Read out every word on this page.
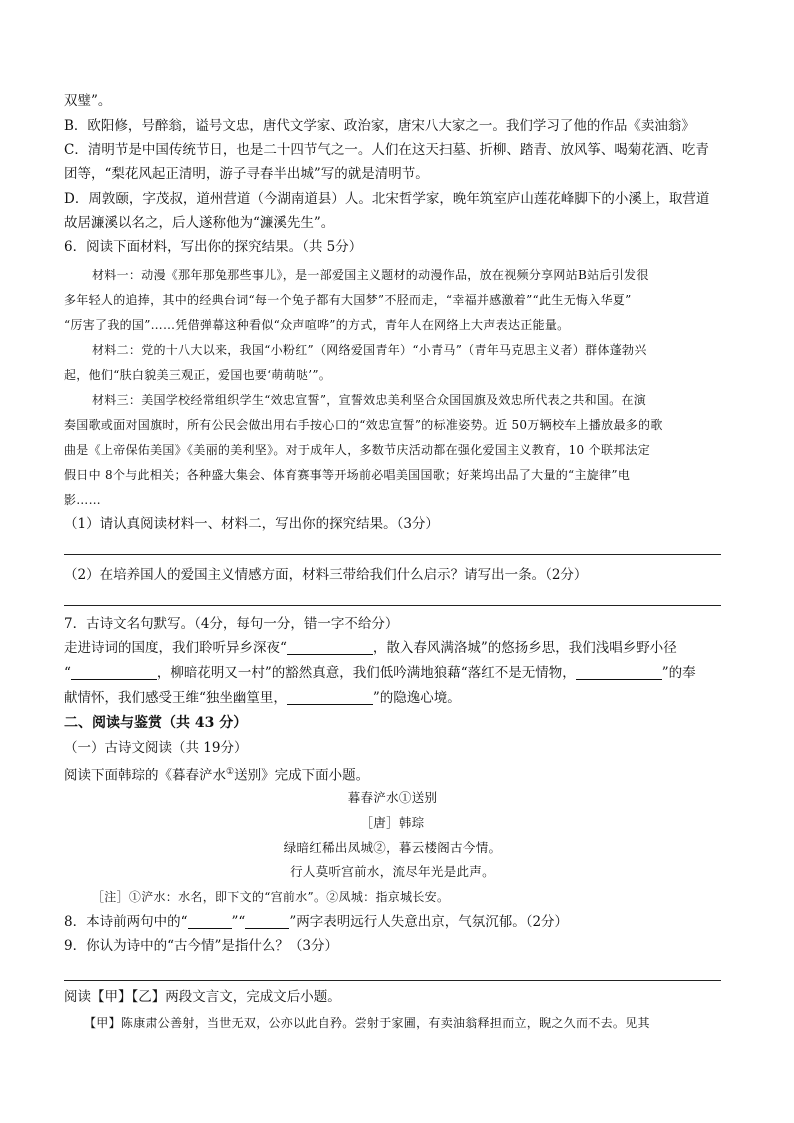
双璧”。
B．欧阳修，号醉翁，谥号文忠，唐代文学家、政治家，唐宋八大家之一。我们学习了他的作品《卖油翁》
C．清明节是中国传统节日，也是二十四节气之一。人们在这天扫墓、折柳、踏青、放风筝、喝菊花酒、吃青
团等，“梨花风起正清明，游子寻春半出城”写的就是清明节。
D．周敦颐，字茂叔，道州营道（今湖南道县）人。北宋哲学家，晚年筑室庐山莲花峰脚下的小溪上，取营道
故居濂溪以名之，后人遂称他为“濂溪先生”。
6．阅读下面材料，写出你的探究结果。（共 5分）
材料一：动漫《那年那兔那些事儿》，是一部爱国主义题材的动漫作品，放在视频分享网站B站后引发很
多年轻人的追捧，其中的经典台词“每一个兔子都有大国梦”不胫而走，“幸福并感激着”“此生无悔入华夏”
“厉害了我的国”……凭借弹幕这种看似“众声喧哗”的方式，青年人在网络上大声表达正能量。
材料二：党的十八大以来，我国“小粉红”（网络爱国青年）“小青马”（青年马克思主义者）群体蓬勃兴
起，他们“肤白貌美三观正，爱国也要‘萌萌哒’”。
材料三：美国学校经常组织学生“效忠宣誓”，宣誓效忠美利坚合众国国旗及效忠所代表之共和国。在演
奏国歌或面对国旗时，所有公民会做出用右手按心口的“效忠宣誓”的标准姿势。近 50万辆校车上播放最多的歌
曲是《上帝保佑美国》《美丽的美利坚》。对于成年人，多数节庆活动都在强化爱国主义教育，10 个联邦法定
假日中 8个与此相关；各种盛大集会、体育赛事等开场前必唱美国国歌；好莱坞出品了大量的“主旋律”电
影……
（1）请认真阅读材料一、材料二，写出你的探究结果。（3分）
（2）在培养国人的爱国主义情感方面，材料三带给我们什么启示？请写出一条。（2分）
7．古诗文名句默写。（4分，每句一分，错一字不给分）
走进诗词的国度，我们聆听异乡深夜“	，散入春风满洛城”的悠扬乡思，我们浅唱乡野小径
“	，柳暗花明又一村”的豁然真意，我们低吟满地狼藉“落红不是无情物，	”的奉
献情怀，我们感受王维“独坐幽篁里，	”的隐逸心境。
二、阅读与鉴赏（共 43 分）
（一）古诗文阅读（共 19分）
阅读下面韩琮的《暮春浐水①送别》完成下面小题。
暮春浐水①送别
［唐］韩琮
绿暗红稀出凤城②，暮云楼阁古今情。
行人莫听宫前水，流尽年光是此声。
［注］①浐水：水名，即下文的“宫前水”。②凤城：指京城长安。
8．本诗前两句中的“	”“	”两字表明远行人失意出京，气氛沉郁。（2分）
9．你认为诗中的“古今情”是指什么？（3分）
阅读【甲】【乙】两段文言文，完成文后小题。
【甲】陈康肃公善射，当世无双，公亦以此自矜。尝射于家圃，有卖油翁释担而立，睨之久而不去。见其
